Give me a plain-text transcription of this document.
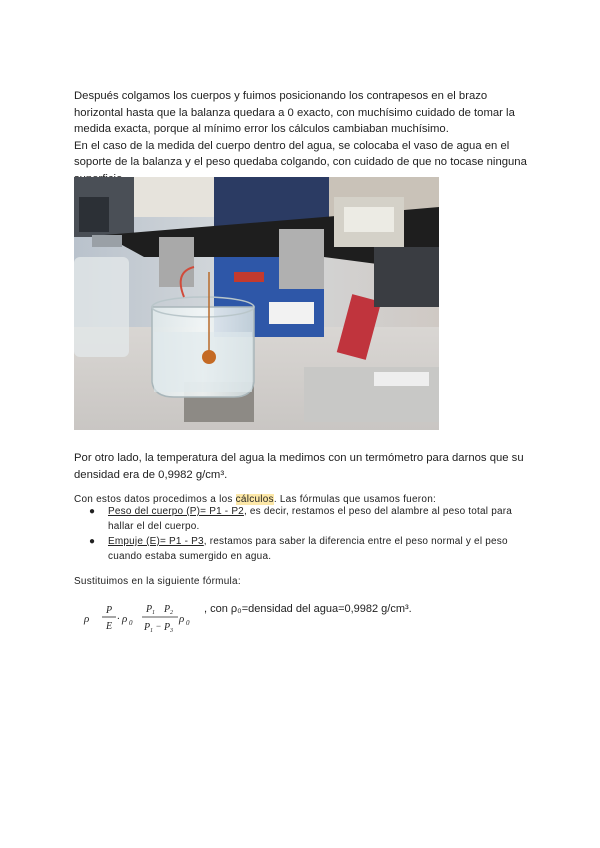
Después colgamos los cuerpos y fuimos posicionando los contrapesos en el brazo horizontal hasta que la balanza quedara a 0 exacto, con muchísimo cuidado de tomar la medida exacta, porque al mínimo error los cálculos cambiaban muchísimo.
En el caso de la medida del cuerpo dentro del agua, se colocaba el vaso de agua en el soporte de la balanza y el peso quedaba colgando, con cuidado de que no tocase ninguna

Por otro lado, la temperatura del agua la medimos con un termómetro para darnos que su densidad era de 0,9982 g/cm³.

Con estos datos procedimos a los cálculos. Las fórmulas que usamos fueron:

● Peso del cuerpo (P)= P1 - P2, es decir, restamos el peso del alambre al peso total para hallar el del cuerpo.
● Empuje (E)= P1 - P3, restamos para saber la diferencia entre el peso normal y el peso cuando estaba sumergido en agua.

Sustituimos en la siguiente fórmula:

ρ
P
E
· ρ 0
P 1 P 2
P 1 − P 3
ρ 0
, con ρ₀=densidad del agua=0,9982 g/cm³.
